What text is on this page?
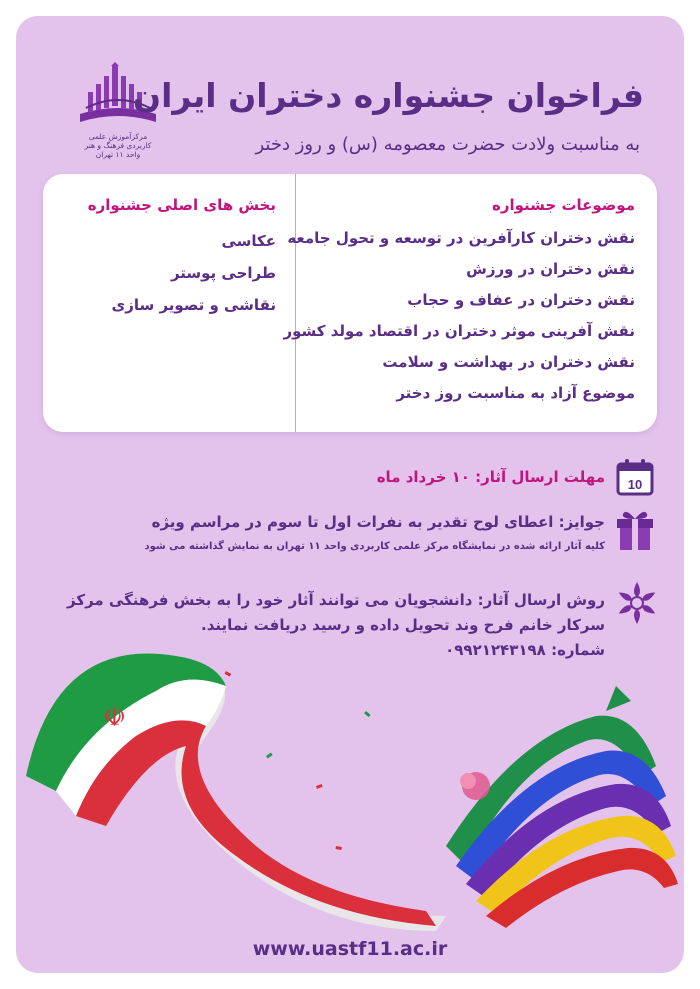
مرکزآموزش علمی
کاربردی فرهنگ و هنر
واحد ۱۱ تهران
فراخوان جشنواره دختران ایران
به مناسبت ولادت حضرت معصومه (س) و روز دختر
موضوعات جشنواره
نقش دختران کارآفرین در توسعه و تحول جامعه
نقش دختران در ورزش
نقش دختران در عفاف و حجاب
نقش آفرینی موثر دختران در اقتصاد مولد کشور
نقش دختران در بهداشت و سلامت
موضوع آزاد به مناسبت روز دختر
بخش های اصلی جشنواره
عکاسی
طراحی پوستر
نقاشی و تصویر سازی
10
مهلت ارسال آثار: ۱۰ خرداد ماه
جوایز: اعطای لوح تقدیر به نفرات اول تا سوم در مراسم ویژه
کلیه آثار ارائه شده در نمایشگاه مرکز علمی کاربردی واحد ۱۱ تهران به نمایش گذاشته می شود
روش ارسال آثار: دانشجویان می توانند آثار خود را به بخش فرهنگی مرکز
سرکار خانم فرح وند تحویل داده و رسید دریافت نمایند.
شماره: ۰۹۹۲۱۲۴۳۱۹۸
☫
www.uastf11.ac.ir
